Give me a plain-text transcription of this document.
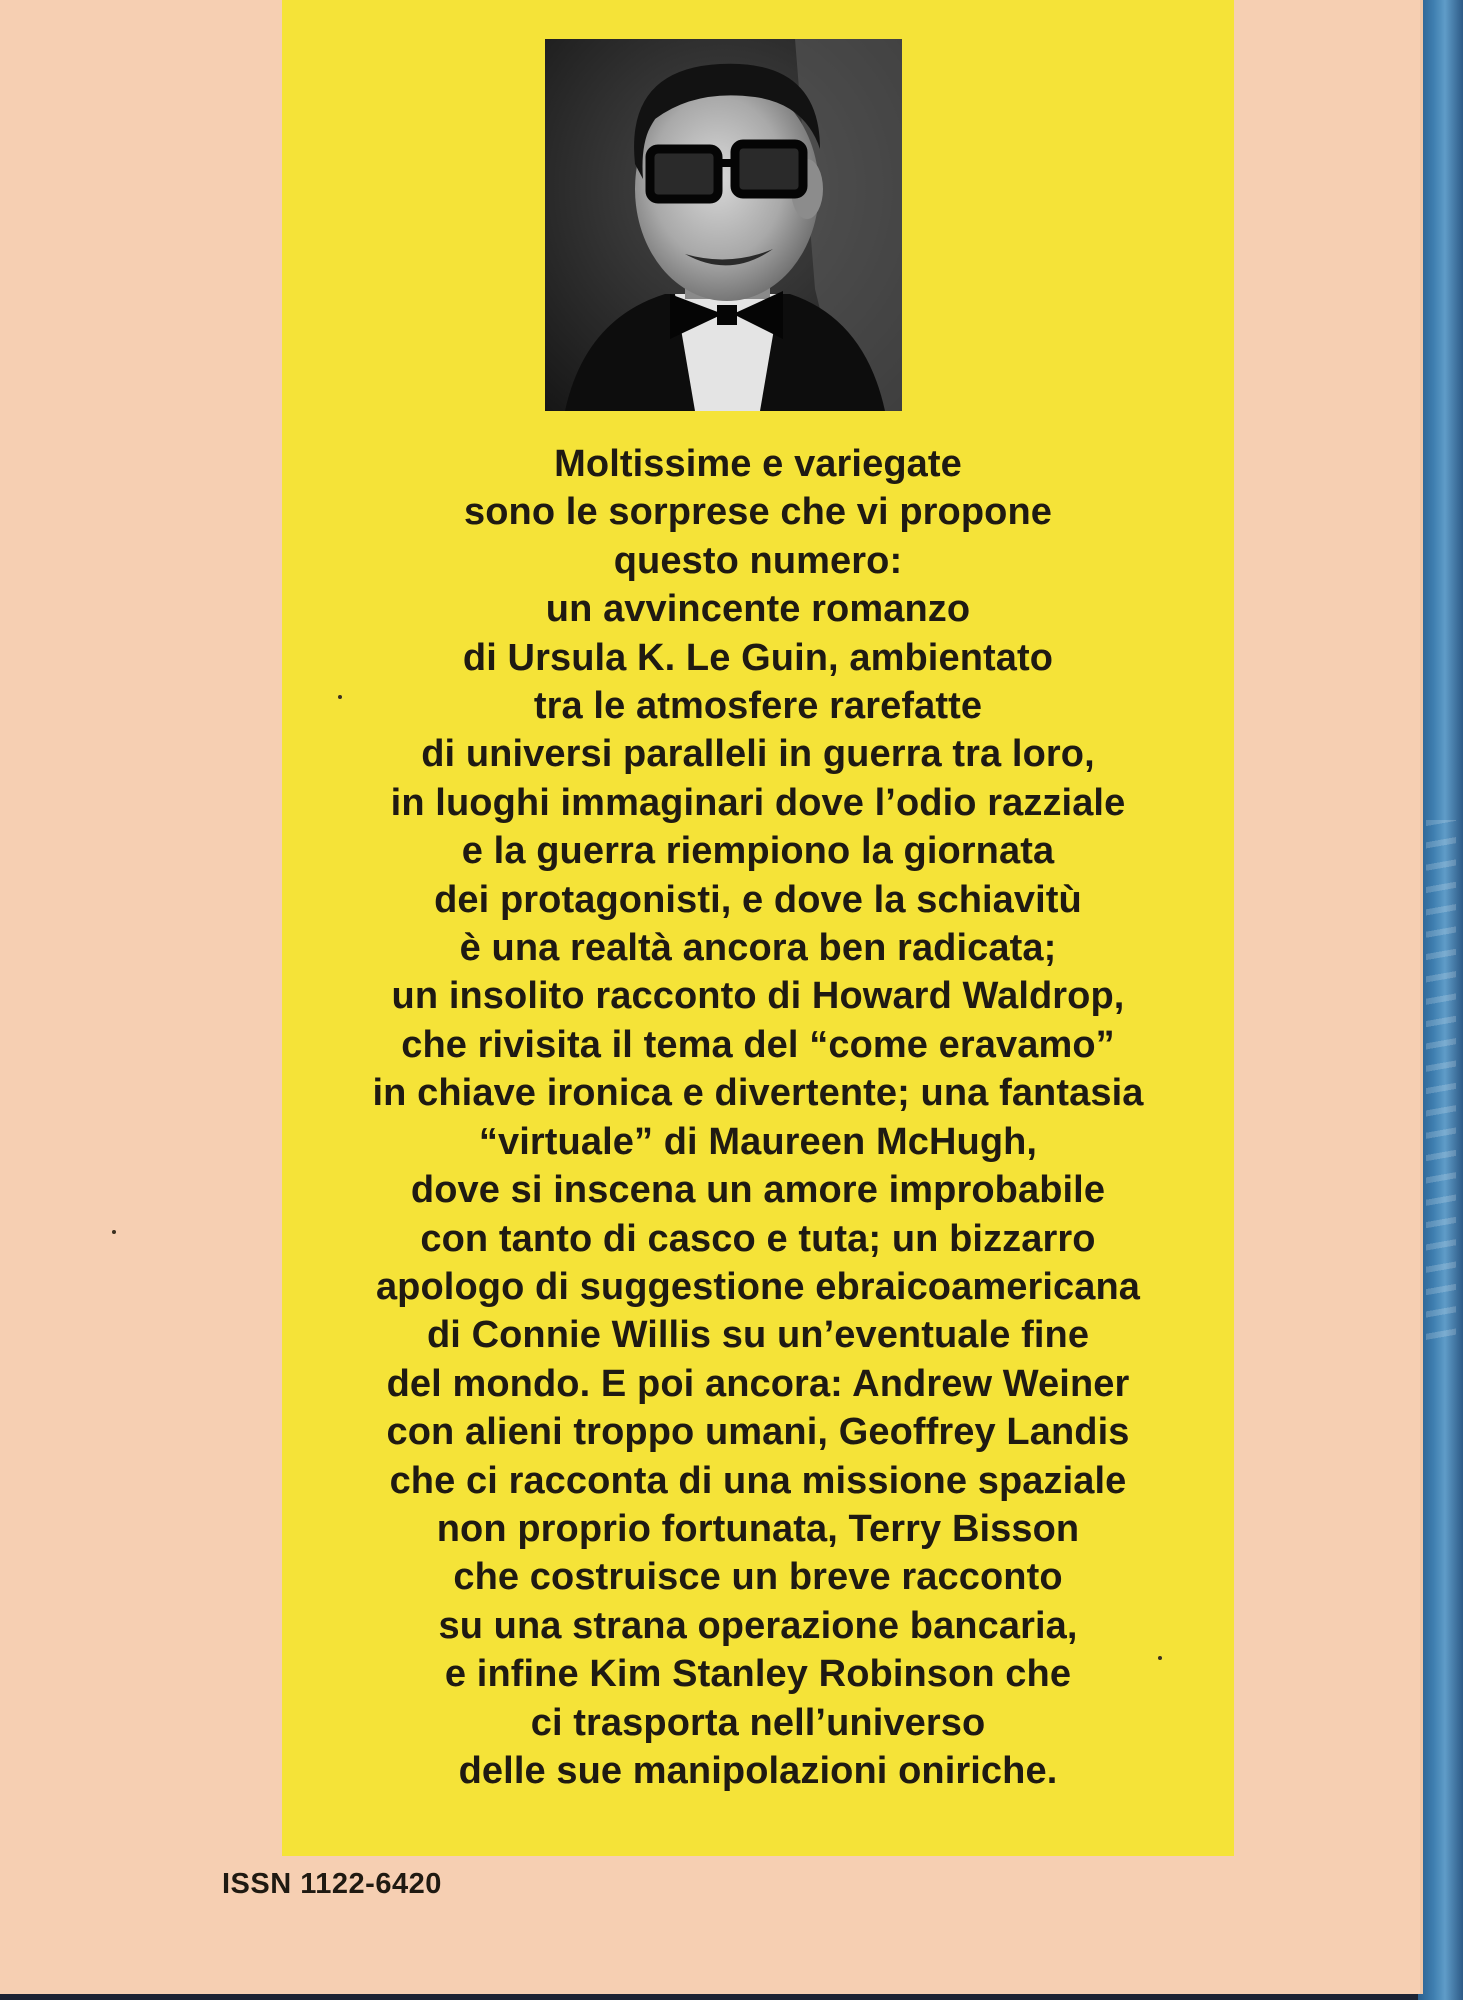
Moltissime e variegate
sono le sorprese che vi propone
questo numero:
un avvincente romanzo
di Ursula K. Le Guin, ambientato
tra le atmosfere rarefatte
di universi paralleli in guerra tra loro,
in luoghi immaginari dove l’odio razziale
e la guerra riempiono la giornata
dei protagonisti, e dove la schiavitù
è una realtà ancora ben radicata;
un insolito racconto di Howard Waldrop,
che rivisita il tema del “come eravamo”
in chiave ironica e divertente; una fantasia
“virtuale” di Maureen McHugh,
dove si inscena un amore improbabile
con tanto di casco e tuta; un bizzarro
apologo di suggestione ebraicoamericana
di Connie Willis su un’eventuale fine
del mondo. E poi ancora: Andrew Weiner
con alieni troppo umani, Geoffrey Landis
che ci racconta di una missione spaziale
non proprio fortunata, Terry Bisson
che costruisce un breve racconto
su una strana operazione bancaria,
e infine Kim Stanley Robinson che
ci trasporta nell’universo
delle sue manipolazioni oniriche.
ISSN 1122-6420
